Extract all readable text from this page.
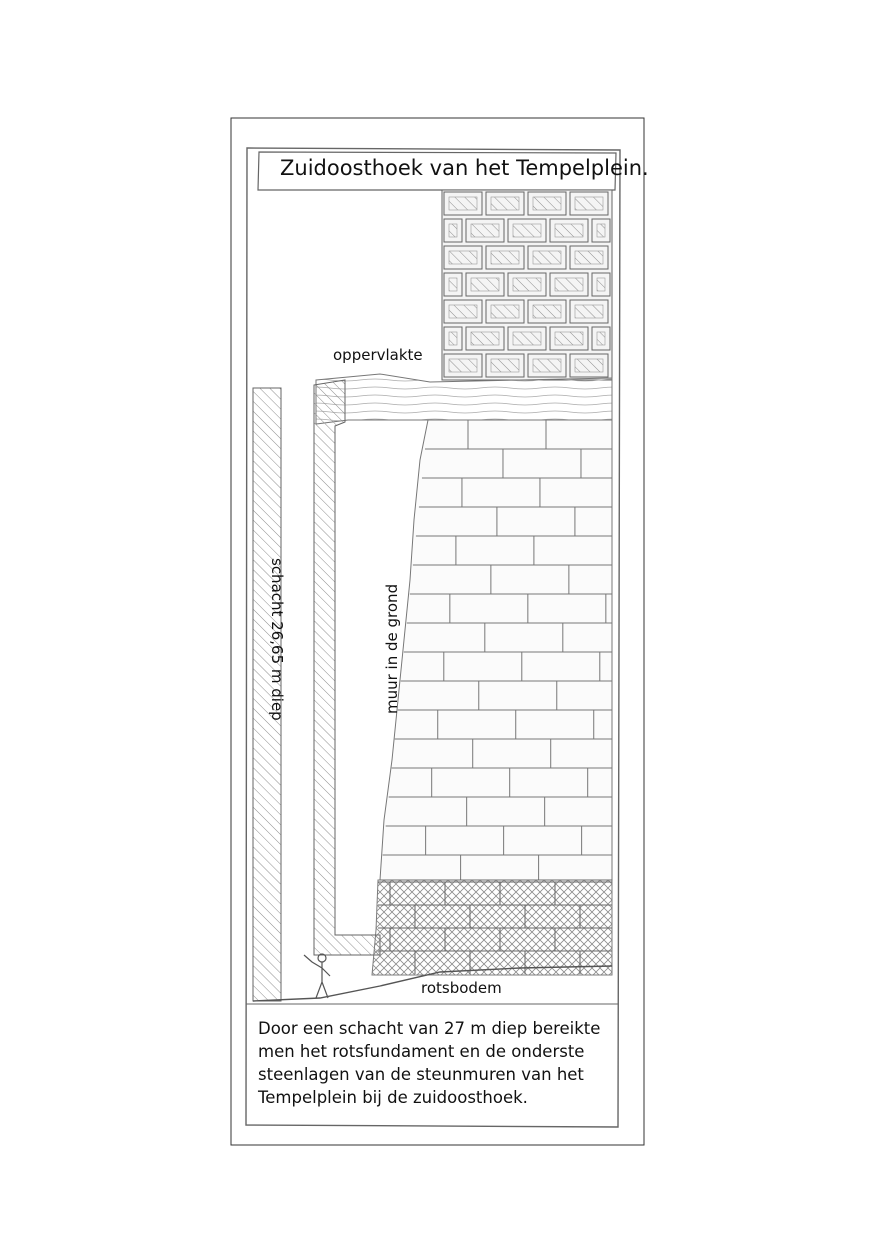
Zuidoosthoek van het Tempelplein.
oppervlakte
schacht 26,65 m diep	muur in de grond
rotsbodem
Door een schacht van 27 m diep bereikte men het rotsfundament en de onderste steenlagen van de steunmuren van het Tempelplein bij de zuidoosthoek.
